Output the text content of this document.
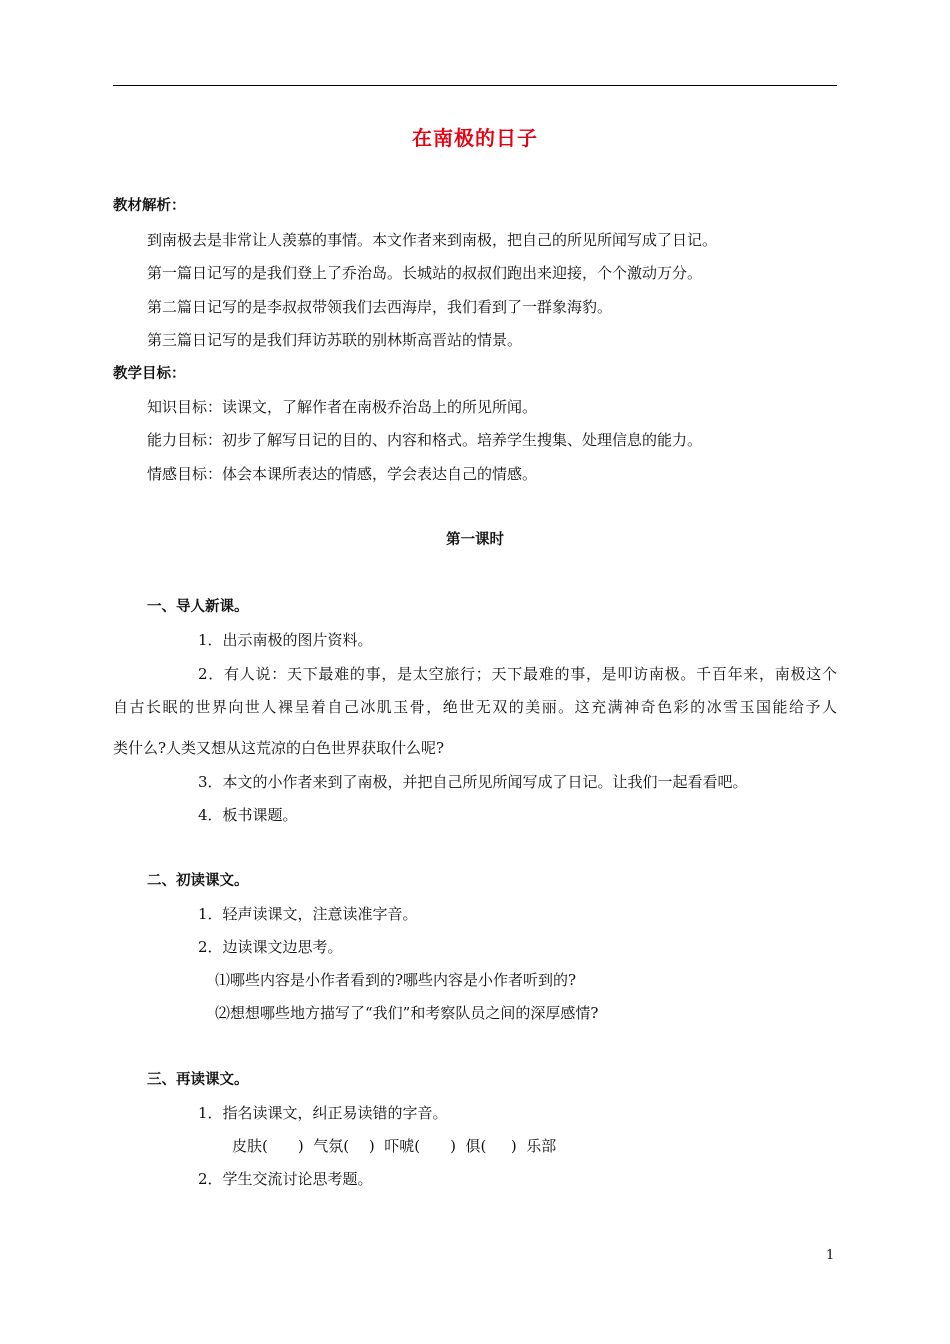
在南极的日子
教材解析：
到南极去是非常让人羡慕的事情。本文作者来到南极，把自己的所见所闻写成了日记。
第一篇日记写的是我们登上了乔治岛。长城站的叔叔们跑出来迎接，个个激动万分。
第二篇日记写的是李叔叔带领我们去西海岸，我们看到了一群象海豹。
第三篇日记写的是我们拜访苏联的别林斯高晋站的情景。
教学目标：
知识目标：读课文，了解作者在南极乔治岛上的所见所闻。
能力目标：初步了解写日记的目的、内容和格式。培养学生搜集、处理信息的能力。
情感目标：体会本课所表达的情感，学会表达自己的情感。
第一课时
一、导人新课。
1．出示南极的图片资料。
2．有人说：天下最难的事，是太空旅行；天下最难的事，是叩访南极。千百年来，南极这个
自古长眠的世界向世人裸呈着自己冰肌玉骨，绝世无双的美丽。这充满神奇色彩的冰雪玉国能给予人
类什么?人类又想从这荒凉的白色世界获取什么呢?
3．本文的小作者来到了南极，并把自己所见所闻写成了日记。让我们一起看看吧。
4．板书课题。
二、初读课文。
1．轻声读课文，注意读准字音。
2．边读课文边思考。
⑴哪些内容是小作者看到的?哪些内容是小作者听到的?
⑵想想哪些地方描写了“我们”和考察队员之间的深厚感情?
三、再读课文。
1．指名读课文，纠正易读错的字音。
皮肤(　　)  气氛(　 )  吓唬(　　)  俱(　  )  乐部
2．学生交流讨论思考题。
1
